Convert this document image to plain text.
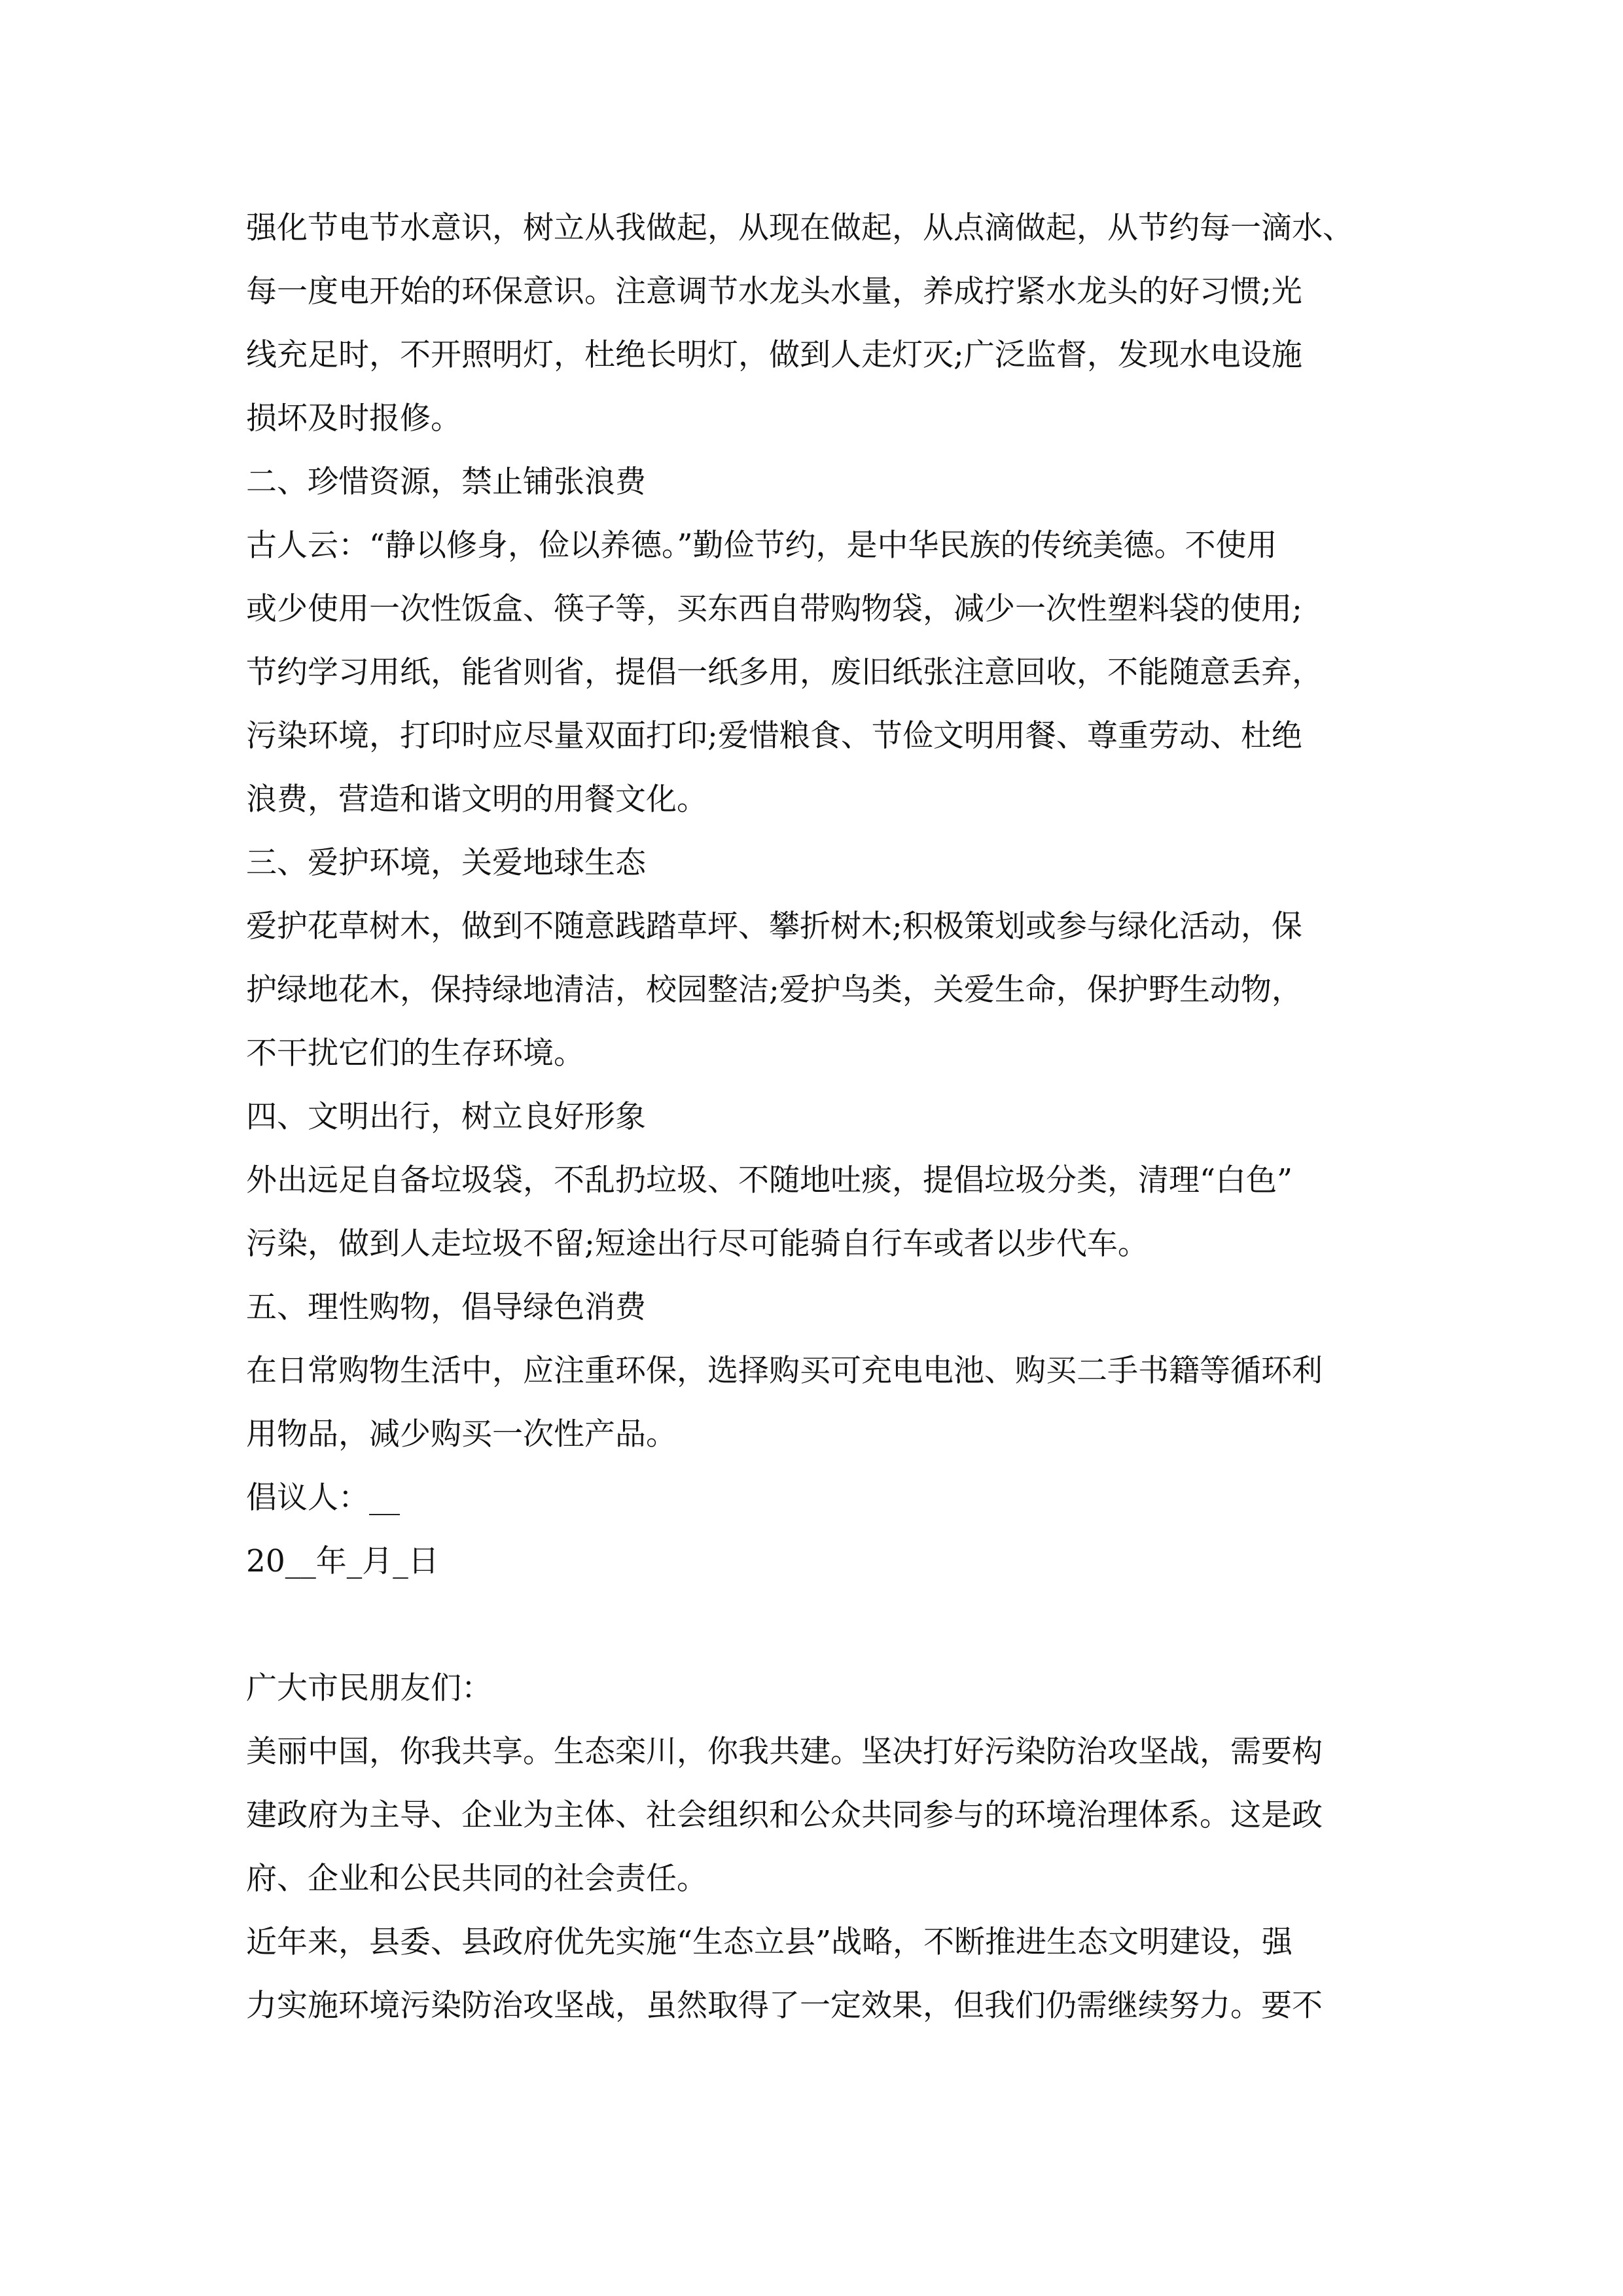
强化节电节水意识，树立从我做起，从现在做起，从点滴做起，从节约每一滴水、
每一度电开始的环保意识。注意调节水龙头水量，养成拧紧水龙头的好习惯;光
线充足时，不开照明灯，杜绝长明灯，做到人走灯灭;广泛监督，发现水电设施
损坏及时报修。
二、珍惜资源，禁止铺张浪费
古人云：“静以修身，俭以养德。”勤俭节约，是中华民族的传统美德。不使用
或少使用一次性饭盒、筷子等，买东西自带购物袋，减少一次性塑料袋的使用;
节约学习用纸，能省则省，提倡一纸多用，废旧纸张注意回收，不能随意丢弃，
污染环境，打印时应尽量双面打印;爱惜粮食、节俭文明用餐、尊重劳动、杜绝
浪费，营造和谐文明的用餐文化。
三、爱护环境，关爱地球生态
爱护花草树木，做到不随意践踏草坪、攀折树木;积极策划或参与绿化活动，保
护绿地花木，保持绿地清洁，校园整洁;爱护鸟类，关爱生命，保护野生动物，
不干扰它们的生存环境。
四、文明出行，树立良好形象
外出远足自备垃圾袋，不乱扔垃圾、不随地吐痰，提倡垃圾分类，清理“白色”
污染，做到人走垃圾不留;短途出行尽可能骑自行车或者以步代车。
五、理性购物，倡导绿色消费
在日常购物生活中，应注重环保，选择购买可充电电池、购买二手书籍等循环利
用物品，减少购买一次性产品。
倡议人：__
20__年_月_日
广大市民朋友们：
美丽中国，你我共享。生态栾川，你我共建。坚决打好污染防治攻坚战，需要构
建政府为主导、企业为主体、社会组织和公众共同参与的环境治理体系。这是政
府、企业和公民共同的社会责任。
近年来，县委、县政府优先实施“生态立县”战略，不断推进生态文明建设，强
力实施环境污染防治攻坚战，虽然取得了一定效果，但我们仍需继续努力。要不
